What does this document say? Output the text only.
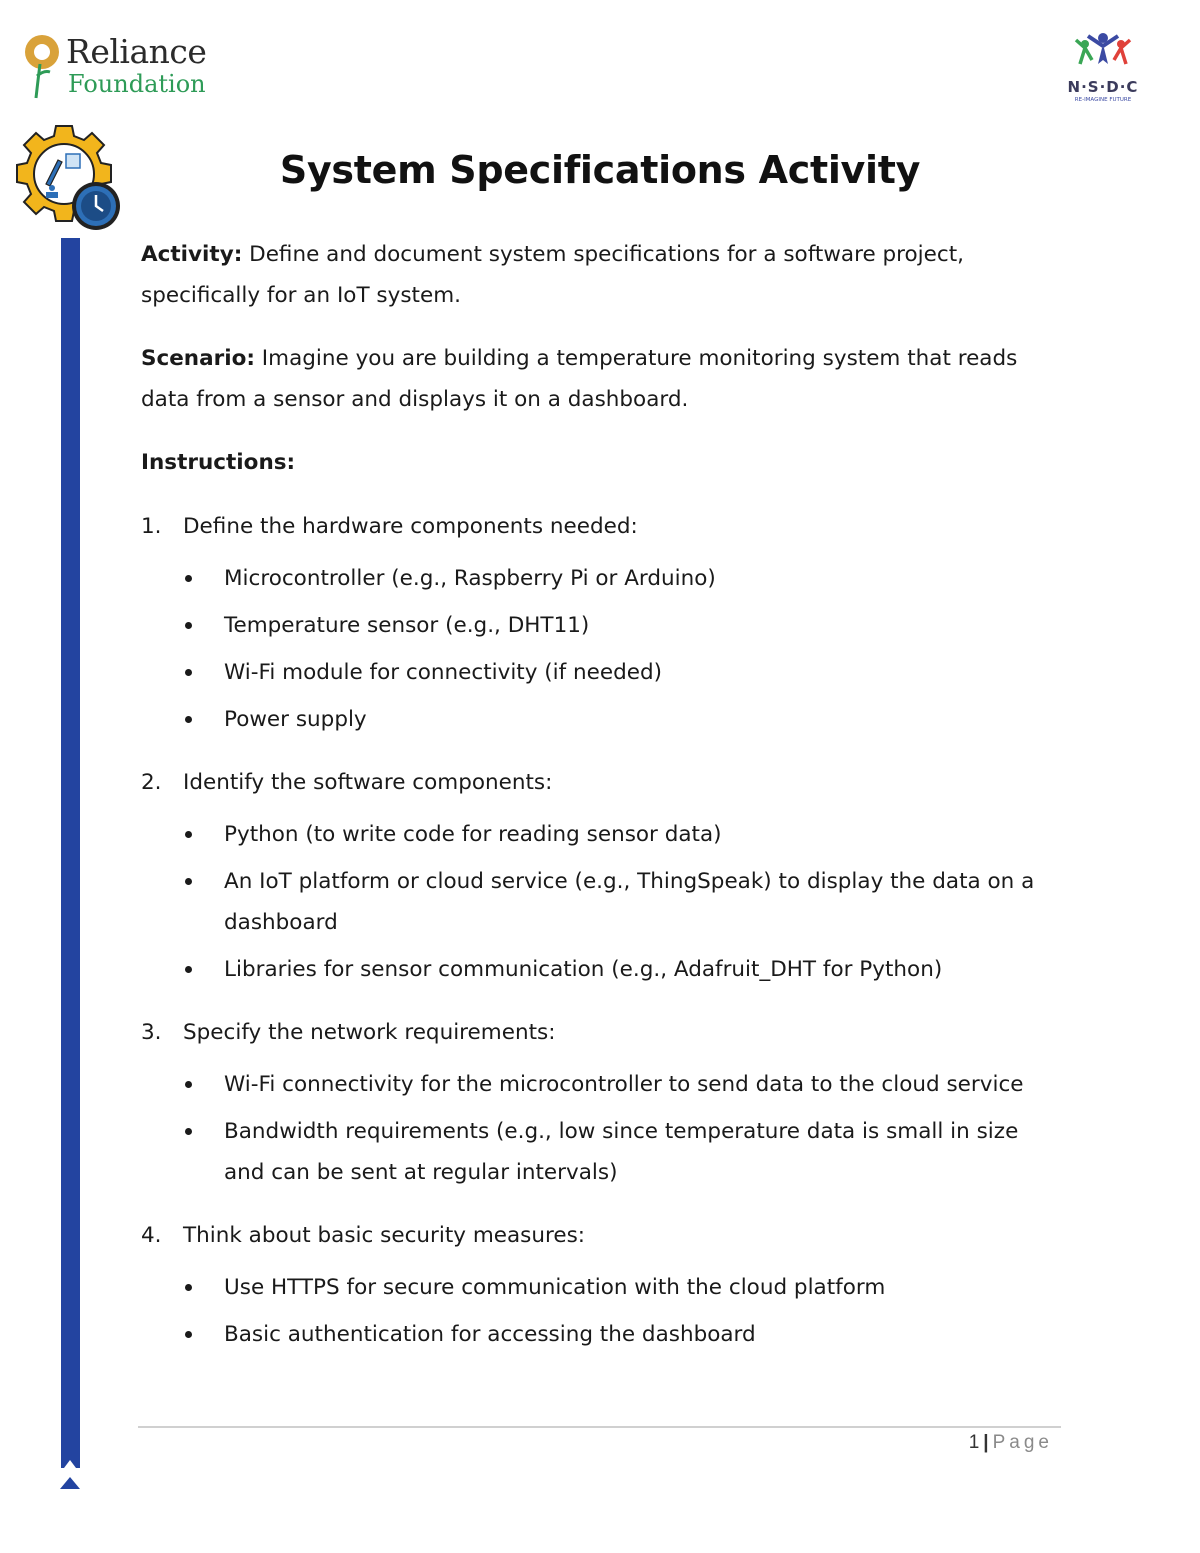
Reliance
Foundation	N·S·D·C
RE-IMAGINE FUTURE
System Specifications Activity

Activity: Define and document system specifications for a software project, specifically for an IoT system.

Scenario: Imagine you are building a temperature monitoring system that reads data from a sensor and displays it on a dashboard.

Instructions:

1. Define the hardware components needed:
Microcontroller (e.g., Raspberry Pi or Arduino)
Temperature sensor (e.g., DHT11)
Wi-Fi module for connectivity (if needed)
Power supply
2. Identify the software components:
Python (to write code for reading sensor data)
An IoT platform or cloud service (e.g., ThingSpeak) to display the data on a dashboard
Libraries for sensor communication (e.g., Adafruit_DHT for Python)
3. Specify the network requirements:
Wi-Fi connectivity for the microcontroller to send data to the cloud service
Bandwidth requirements (e.g., low since temperature data is small in size and can be sent at regular intervals)
4. Think about basic security measures:
Use HTTPS for secure communication with the cloud platform
Basic authentication for accessing the dashboard
1 | Page
